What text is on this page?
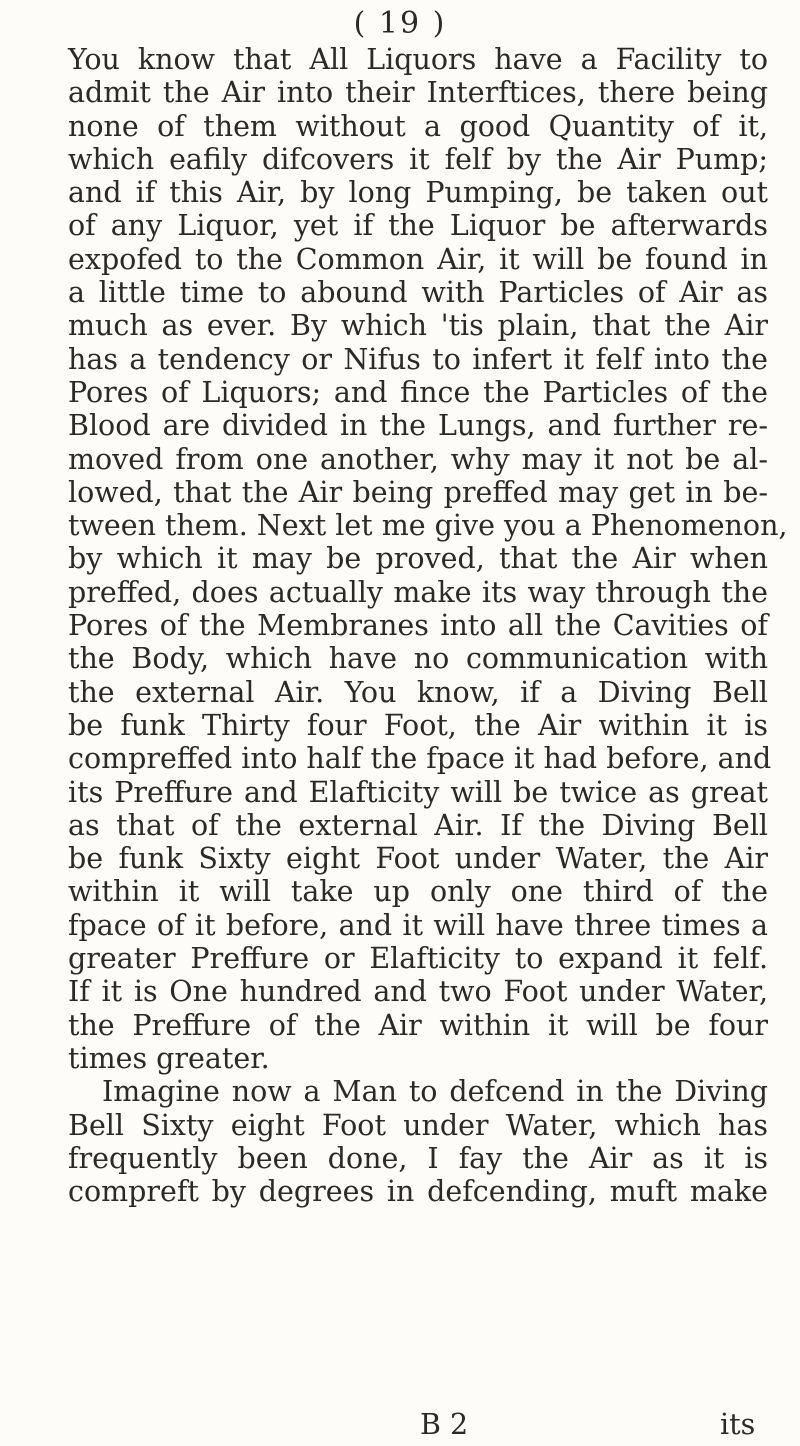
( 19 )
You know that All Liquors have a Facility to
admit the Air into their Interftices, there being
none of them without a good Quantity of it,
which eafily difcovers it felf by the Air Pump;
and if this Air, by long Pumping, be taken out
of any Liquor, yet if the Liquor be afterwards
expofed to the Common Air, it will be found in
a little time to abound with Particles of Air as
much as ever. By which 'tis plain, that the Air
has a tendency or Nifus to infert it felf into the
Pores of Liquors; and fince the Particles of the
Blood are divided in the Lungs, and further re-
moved from one another, why may it not be al-
lowed, that the Air being preffed may get in be-
tween them. Next let me give you a Phenomenon,
by which it may be proved, that the Air when
preffed, does actually make its way through the
Pores of the Membranes into all the Cavities of
the Body, which have no communication with
the external Air. You know, if a Diving Bell
be funk Thirty four Foot, the Air within it is
compreffed into half the fpace it had before, and
its Preffure and Elafticity will be twice as great
as that of the external Air. If the Diving Bell
be funk Sixty eight Foot under Water, the Air
within it will take up only one third of the
fpace of it before, and it will have three times a
greater Preffure or Elafticity to expand it felf.
If it is One hundred and two Foot under Water,
the Preffure of the Air within it will be four
times greater.
Imagine now a Man to defcend in the Diving
Bell Sixty eight Foot under Water, which has
frequently been done, I fay the Air as it is
compreft by degrees in defcending, muft make
B 2	its
